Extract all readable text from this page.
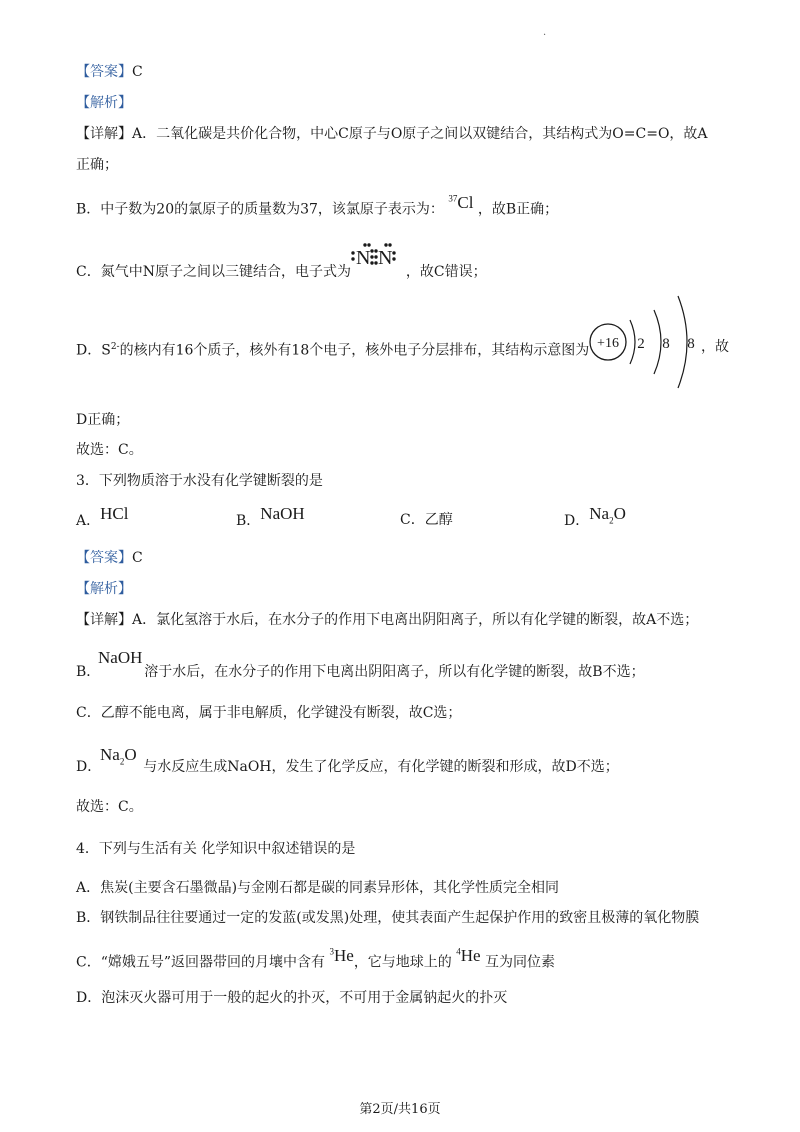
·
【答案】C
【解析】
【详解】A．二氧化碳是共价化合物，中心C原子与O原子之间以双键结合，其结构式为O=C=O，故A
正确；
B．中子数为20的氯原子的质量数为37，该氯原子表示为： $^{37}$Cl ，故B正确；
C．氮气中N原子之间以三键结合，电子式为	，故C错误；
N N
D．$S^{2-}$的核内有16个质子，核外有18个电子，核外电子分层排布，其结构示意图为 +16 2 8 8 ，故
D正确；
故选：C。
3．下列物质溶于水没有化学键断裂的是
A．HCl	B．NaOH	C．乙醇	D．$Na_2O$
【答案】C
【解析】
【详解】A．氯化氢溶于水后，在水分子的作用下电离出阴阳离子，所以有化学键的断裂，故A不选；
B．	溶于水后，在水分子的作用下电离出阴阳离子，所以有化学键的断裂，故B不选；
NaOH
C．乙醇不能电离，属于非电解质，化学键没有断裂，故C选；
D．	与水反应生成NaOH，发生了化学反应，有化学键的断裂和形成，故D不选；
$Na_2O$
故选：C。
4．下列与生活有关 化学知识中叙述错误的是
A．焦炭(主要含石墨微晶)与金刚石都是碳的同素异形体，其化学性质完全相同
B．钢铁制品往往要通过一定的发蓝(或发黑)处理，使其表面产生起保护作用的致密且极薄的氧化物膜
C．“嫦娥五号”返回器带回的月壤中含有 $^3$He，它与地球上的 $^4$He 互为同位素
D．泡沫灭火器可用于一般的起火的扑灭，不可用于金属钠起火的扑灭
第2页/共16页
